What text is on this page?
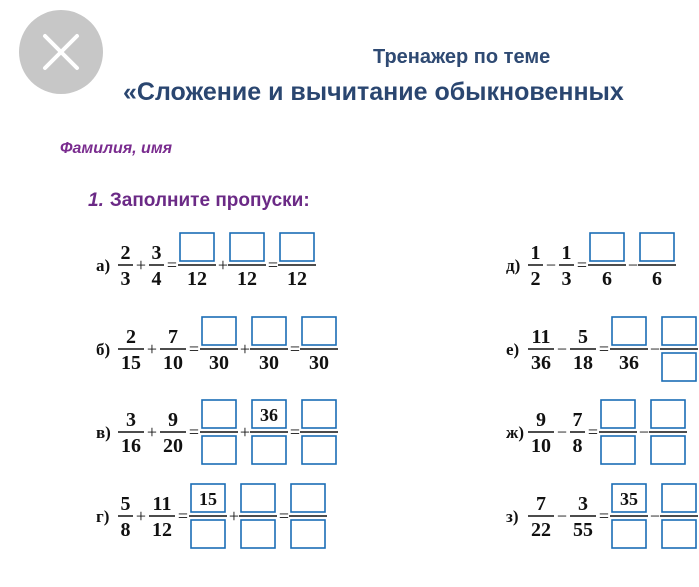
Тренажер по теме
«Сложение и вычитание обыкновенных
Фамилия, имя
1. Заполните пропуски:
а)
2
3
+
3
4
=
12
+
12
=
12
б)
2
15
+
7
10
=
30
+
30
=
30
в)
3
16
+
9
20
= +
36
=
г)
5
8
+
11
12
=
15
+ =
д)
1
2
−
1
3
=
6
−
6
е)
11
36
−
5
18
=
36
−
ж)
9
10
−
7
8
= −
з)
7
22
−
3
55
=
35
−
